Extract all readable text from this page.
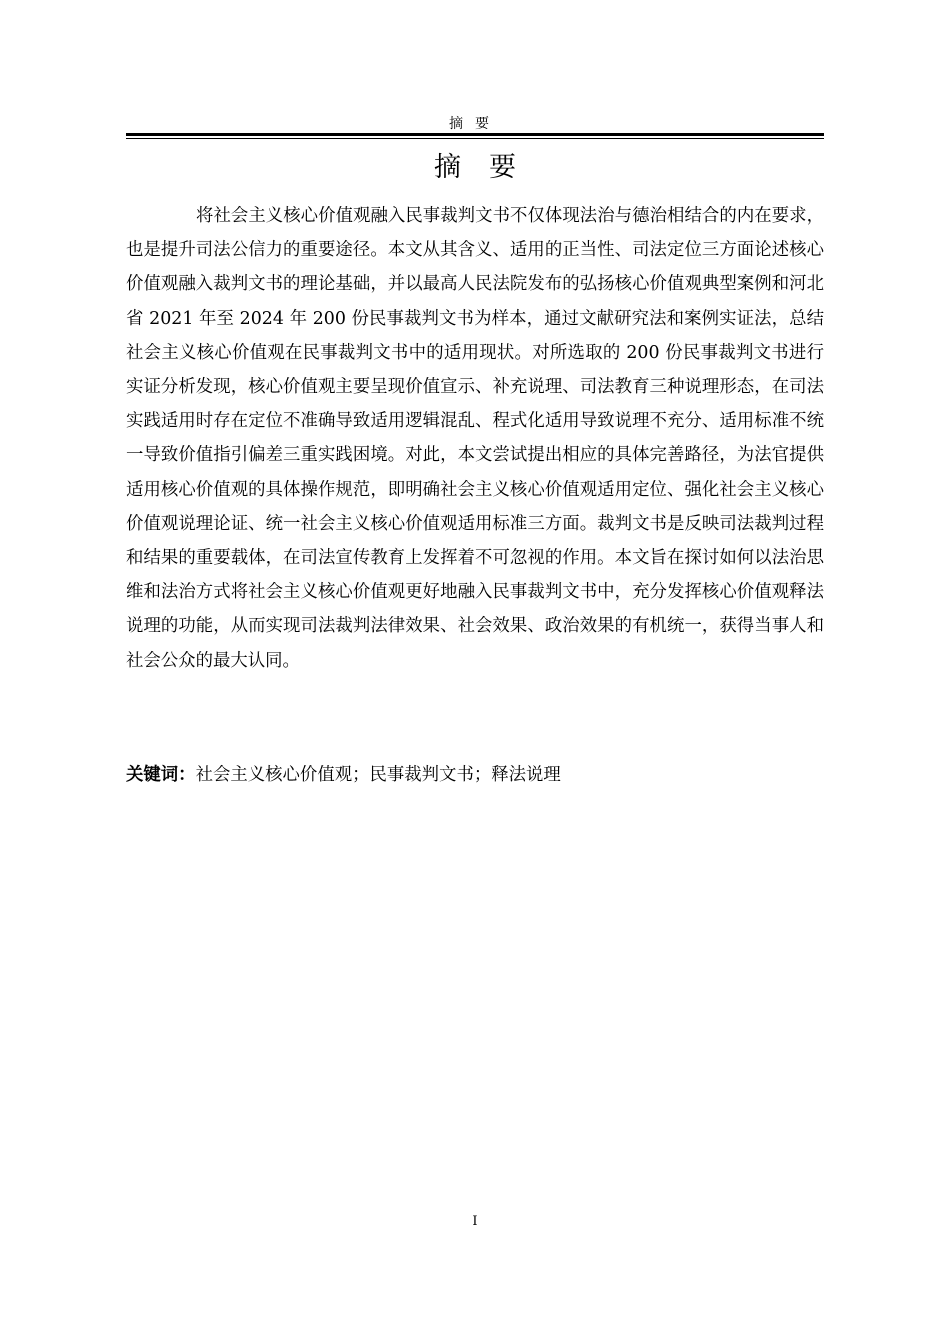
摘要
摘要

将社会主义核心价值观融入民事裁判文书不仅体现法治与德治相结合的内在要求，也是提升司法公信力的重要途径。本文从其含义、适用的正当性、司法定位三方面论述核心价值观融入裁判文书的理论基础，并以最高人民法院发布的弘扬核心价值观典型案例和河北省 2021 年至 2024 年 200 份民事裁判文书为样本，通过文献研究法和案例实证法，总结社会主义核心价值观在民事裁判文书中的适用现状。对所选取的 200 份民事裁判文书进行实证分析发现，核心价值观主要呈现价值宣示、补充说理、司法教育三种说理形态，在司法实践适用时存在定位不准确导致适用逻辑混乱、程式化适用导致说理不充分、适用标准不统一导致价值指引偏差三重实践困境。对此，本文尝试提出相应的具体完善路径，为法官提供适用核心价值观的具体操作规范，即明确社会主义核心价值观适用定位、强化社会主义核心价值观说理论证、统一社会主义核心价值观适用标准三方面。裁判文书是反映司法裁判过程和结果的重要载体，在司法宣传教育上发挥着不可忽视的作用。本文旨在探讨如何以法治思维和法治方式将社会主义核心价值观更好地融入民事裁判文书中，充分发挥核心价值观释法说理的功能，从而实现司法裁判法律效果、社会效果、政治效果的有机统一，获得当事人和社会公众的最大认同。

关键词：社会主义核心价值观；民事裁判文书；释法说理

I
